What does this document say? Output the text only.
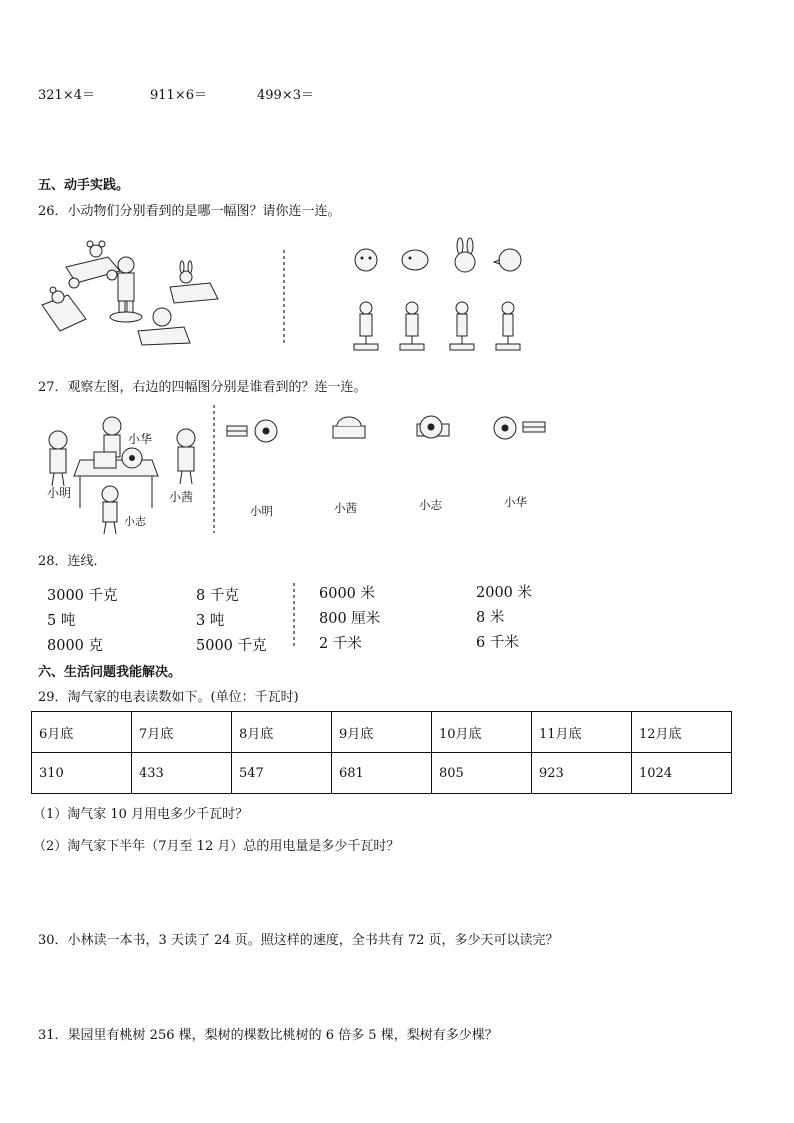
321×4＝	911×6＝	499×3＝
五、动手实践。
26．小动物们分别看到的是哪一幅图？请你连一连。
27．观察左图，右边的四幅图分别是谁看到的？连一连。
小明
小华
小茜
小志
小明	小茜	小志	小华
28．连线．
3000 千克	8 千克
5 吨	3 吨
8000 克	5000 千克
6000 米	2000 米
800 厘米	8 米
2 千米	6 千米
六、生活问题我能解决。
29．淘气家的电表读数如下。(单位：千瓦时)
6月底	7月底	8月底	9月底	10月底	11月底	12月底
310	433	547	681	805	923	1024
（1）淘气家 10 月用电多少千瓦时？
（2）淘气家下半年（7月至 12 月）总的用电量是多少千瓦时？
30．小林读一本书，3 天读了 24 页。照这样的速度，全书共有 72 页，多少天可以读完？
31．果园里有桃树 256 棵，梨树的棵数比桃树的 6 倍多 5 棵，梨树有多少棵？
